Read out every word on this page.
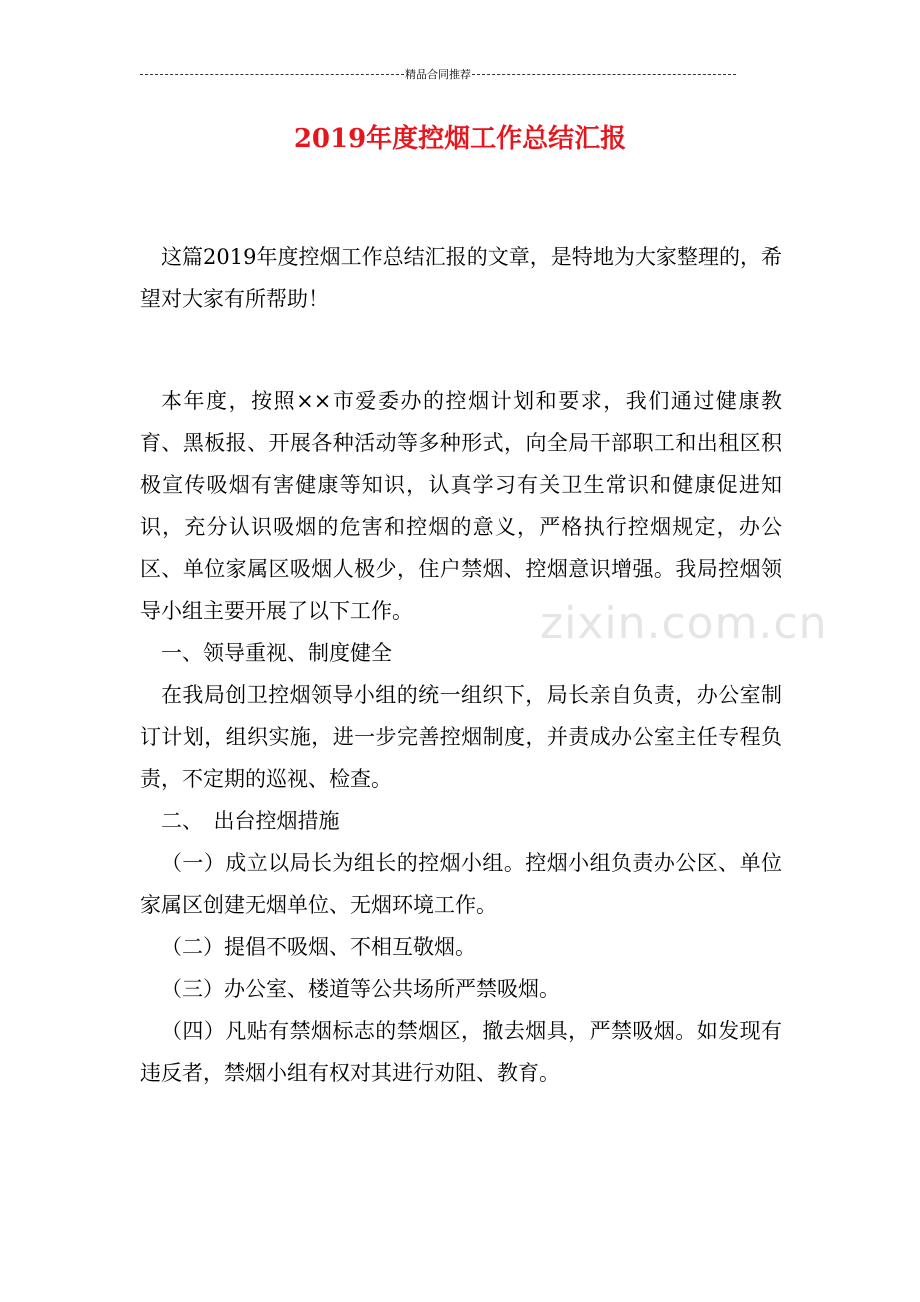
精品合同推荐
2019年度控烟工作总结汇报
zixin.com.cn

这篇2019年度控烟工作总结汇报的文章，是特地为大家整理的，希望对大家有所帮助！

本年度，按照××市爱委办的控烟计划和要求，我们通过健康教育、黑板报、开展各种活动等多种形式，向全局干部职工和出租区积极宣传吸烟有害健康等知识，认真学习有关卫生常识和健康促进知识，充分认识吸烟的危害和控烟的意义，严格执行控烟规定，办公区、单位家属区吸烟人极少，住户禁烟、控烟意识增强。我局控烟领导小组主要开展了以下工作。

一、领导重视、制度健全

在我局创卫控烟领导小组的统一组织下，局长亲自负责，办公室制订计划，组织实施，进一步完善控烟制度，并责成办公室主任专程负责，不定期的巡视、检查。

二、　出台控烟措施

（一）成立以局长为组长的控烟小组。控烟小组负责办公区、单位家属区创建无烟单位、无烟环境工作。

（二）提倡不吸烟、不相互敬烟。

（三）办公室、楼道等公共场所严禁吸烟。

（四）凡贴有禁烟标志的禁烟区，撤去烟具，严禁吸烟。如发现有违反者，禁烟小组有权对其进行劝阻、教育。
